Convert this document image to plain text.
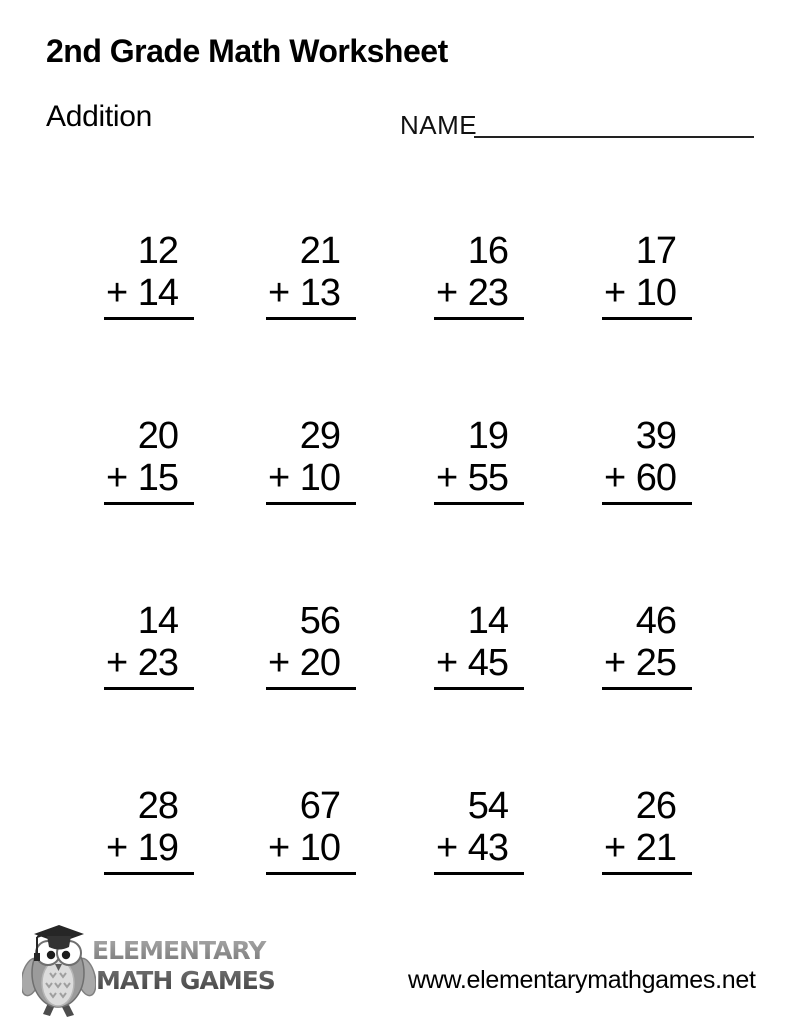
2nd Grade Math Worksheet
Addition	NAME
12
+ 14
21
+ 13
16
+ 23
17
+ 10
20
+ 15
29
+ 10
19
+ 55
39
+ 60
14
+ 23
56
+ 20
14
+ 45
46
+ 25
28
+ 19
67
+ 10
54
+ 43
26
+ 21
ELEMENTARY
MATH GAMES	www.elementarymathgames.net
